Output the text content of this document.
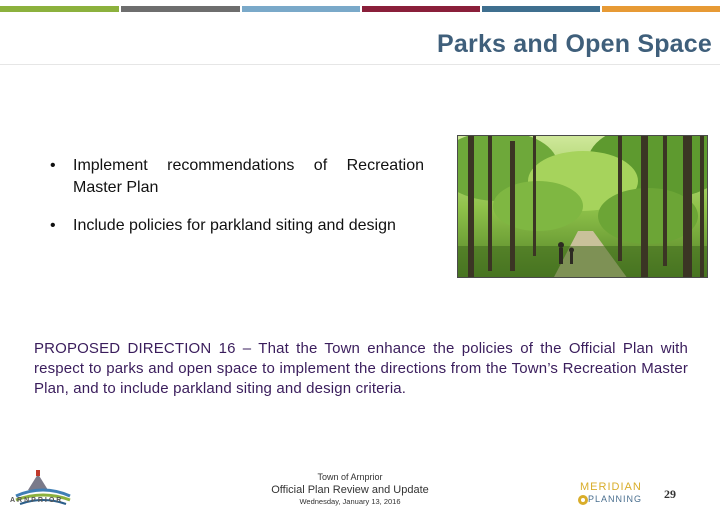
Parks and Open Space
• Implement recommendations of Recreation Master Plan
• Include policies for parkland siting and design
PROPOSED DIRECTION 16 – That the Town enhance the policies of the Official Plan with respect to parks and open space to implement the directions from the Town’s Recreation Master Plan, and to include parkland siting and design criteria.
ARNPRIOR
Town of Arnprior
Official Plan Review and Update
Wednesday, January 13, 2016
MERIDIAN
PLANNING 29
